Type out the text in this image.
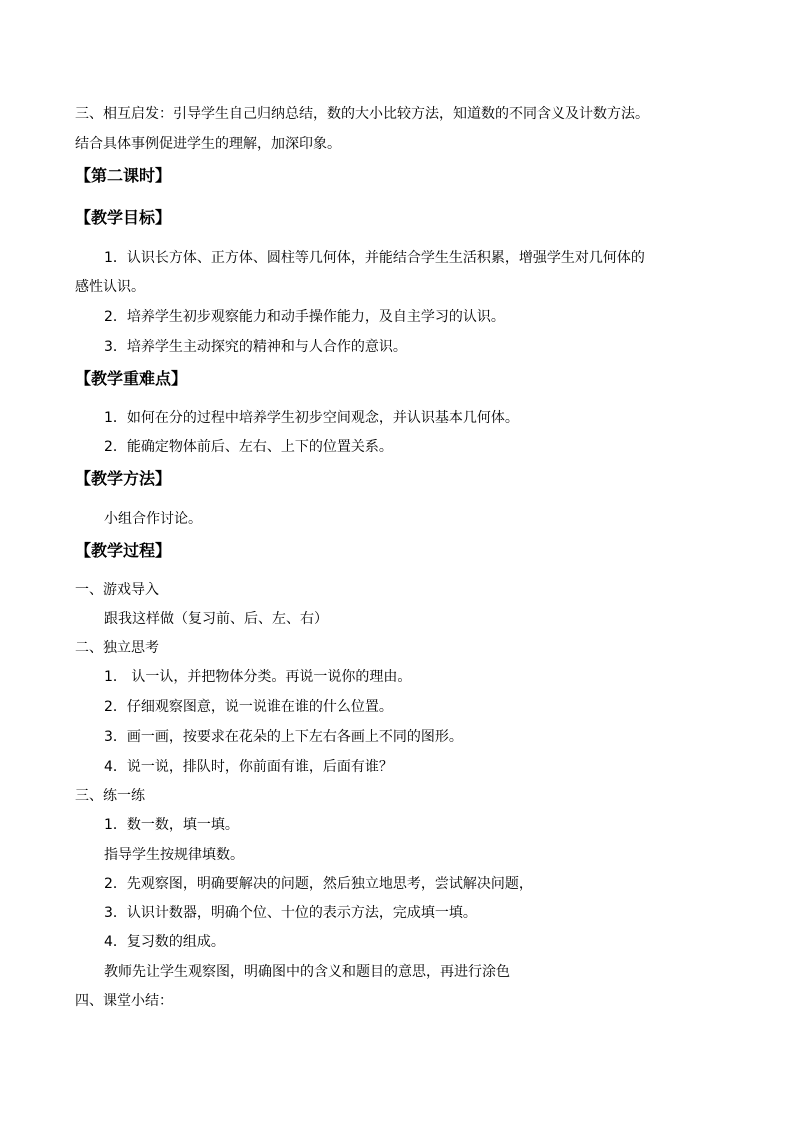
三、相互启发：引导学生自己归纳总结，数的大小比较方法，知道数的不同含义及计数方法。
结合具体事例促进学生的理解，加深印象。
【第二课时】
【教学目标】
1．认识长方体、正方体、圆柱等几何体，并能结合学生生活积累，增强学生对几何体的
感性认识。
2．培养学生初步观察能力和动手操作能力，及自主学习的认识。
3．培养学生主动探究的精神和与人合作的意识。
【教学重难点】
1．如何在分的过程中培养学生初步空间观念，并认识基本几何体。
2．能确定物体前后、左右、上下的位置关系。
【教学方法】
小组合作讨论。
【教学过程】
一、游戏导入
跟我这样做（复习前、后、左、右）
二、独立思考
1． 认一认，并把物体分类。再说一说你的理由。
2．仔细观察图意，说一说谁在谁的什么位置。
3．画一画，按要求在花朵的上下左右各画上不同的图形。
4．说一说，排队时，你前面有谁，后面有谁？
三、练一练
1．数一数，填一填。
指导学生按规律填数。
2．先观察图，明确要解决的问题，然后独立地思考，尝试解决问题，
3．认识计数器，明确个位、十位的表示方法，完成填一填。
4．复习数的组成。
教师先让学生观察图，明确图中的含义和题目的意思，再进行涂色
四、课堂小结：
